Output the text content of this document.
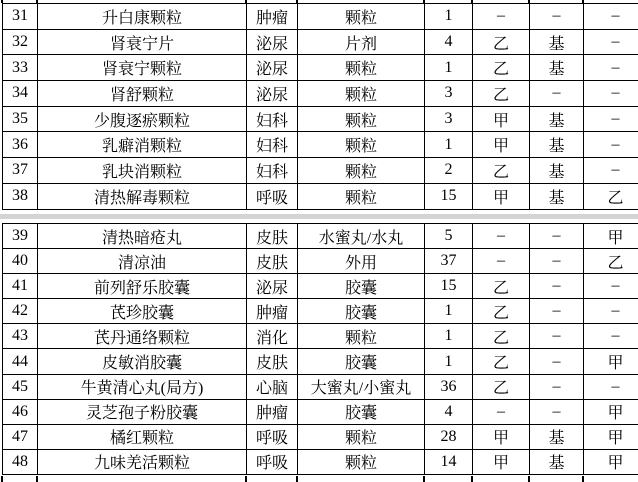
31	升白康颗粒	肿瘤	颗粒	1	–	–	–
32	肾衰宁片	泌尿	片剂	4	乙	基	–
33	肾衰宁颗粒	泌尿	颗粒	1	乙	基	–
34	肾舒颗粒	泌尿	颗粒	3	乙	–	–
35	少腹逐瘀颗粒	妇科	颗粒	3	甲	基	–
36	乳癖消颗粒	妇科	颗粒	1	甲	基	–
37	乳块消颗粒	妇科	颗粒	2	乙	基	–
38	清热解毒颗粒	呼吸	颗粒	15	甲	基	乙
39	清热暗疮丸	皮肤	水蜜丸/水丸	5	–	–	甲
40	清凉油	皮肤	外用	37	–	–	乙
41	前列舒乐胶囊	泌尿	胶囊	15	乙	–	–
42	芪珍胶囊	肿瘤	胶囊	1	乙	–	–
43	芪丹通络颗粒	消化	颗粒	1	乙	–	–
44	皮敏消胶囊	皮肤	胶囊	1	乙	–	甲
45	牛黄清心丸(局方)	心脑	大蜜丸/小蜜丸	36	乙	–	–
46	灵芝孢子粉胶囊	肿瘤	胶囊	4	–	–	甲
47	橘红颗粒	呼吸	颗粒	28	甲	基	甲
48	九味羌活颗粒	呼吸	颗粒	14	甲	基	甲
